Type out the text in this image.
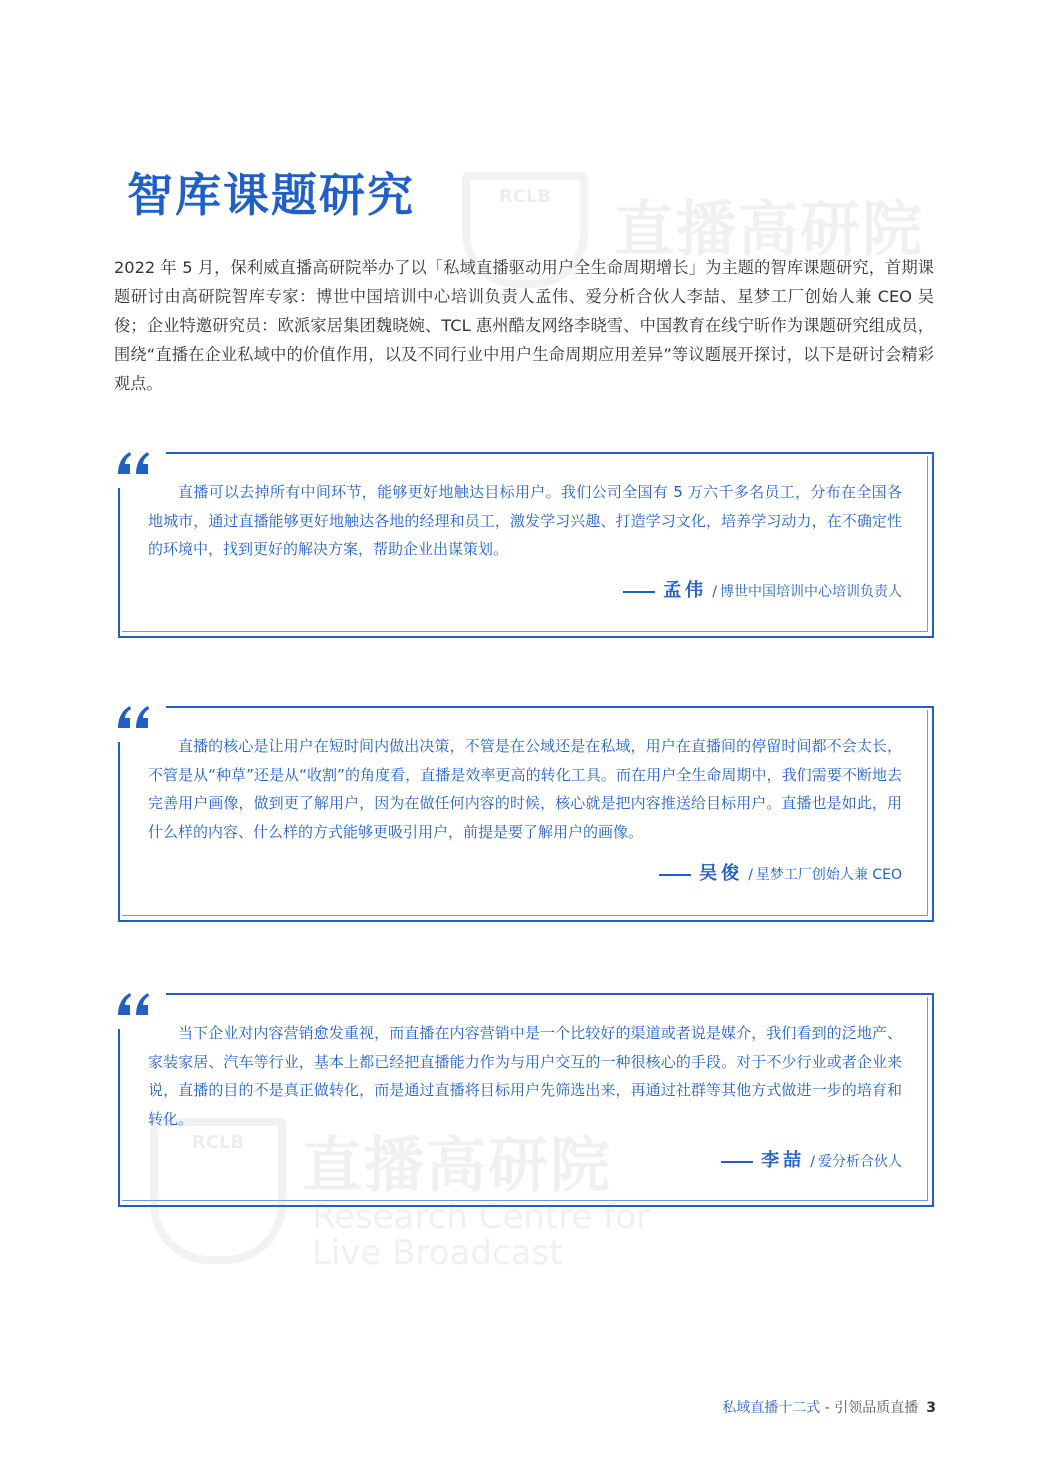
RCLB	直播高研院
RCLB 直播高研院
Research Centre for
Live Broadcast
智库课题研究

2022 年 5 月，保利威直播高研院举办了以「私域直播驱动用户全生命周期增长」为主题的智库课题研究，首期课题研讨由高研院智库专家：博世中国培训中心培训负责人孟伟、爱分析合伙人李喆、星梦工厂创始人兼 CEO 吴俊；企业特邀研究员：欧派家居集团魏晓婉、TCL 惠州酷友网络李晓雪、中国教育在线宁昕作为课题研究组成员，围绕“直播在企业私域中的价值作用，以及不同行业中用户生命周期应用差异”等议题展开探讨，以下是研讨会精彩观点。

直播可以去掉所有中间环节，能够更好地触达目标用户。我们公司全国有 5 万六千多名员工，分布在全国各地城市，通过直播能够更好地触达各地的经理和员工，激发学习兴趣、打造学习文化，培养学习动力，在不确定性的环境中，找到更好的解决方案，帮助企业出谋策划。

孟伟 / 博世中国培训中心培训负责人

直播的核心是让用户在短时间内做出决策，不管是在公域还是在私域，用户在直播间的停留时间都不会太长，不管是从“种草”还是从“收割”的角度看，直播是效率更高的转化工具。而在用户全生命周期中，我们需要不断地去完善用户画像，做到更了解用户，因为在做任何内容的时候，核心就是把内容推送给目标用户。直播也是如此，用什么样的内容、什么样的方式能够更吸引用户，前提是要了解用户的画像。

吴俊 / 星梦工厂创始人兼 CEO

当下企业对内容营销愈发重视，而直播在内容营销中是一个比较好的渠道或者说是媒介，我们看到的泛地产、家装家居、汽车等行业，基本上都已经把直播能力作为与用户交互的一种很核心的手段。对于不少行业或者企业来说，直播的目的不是真正做转化，而是通过直播将目标用户先筛选出来，再通过社群等其他方式做进一步的培育和转化。

李喆 / 爱分析合伙人
私域直播十二式 - 引领品质直播 3
